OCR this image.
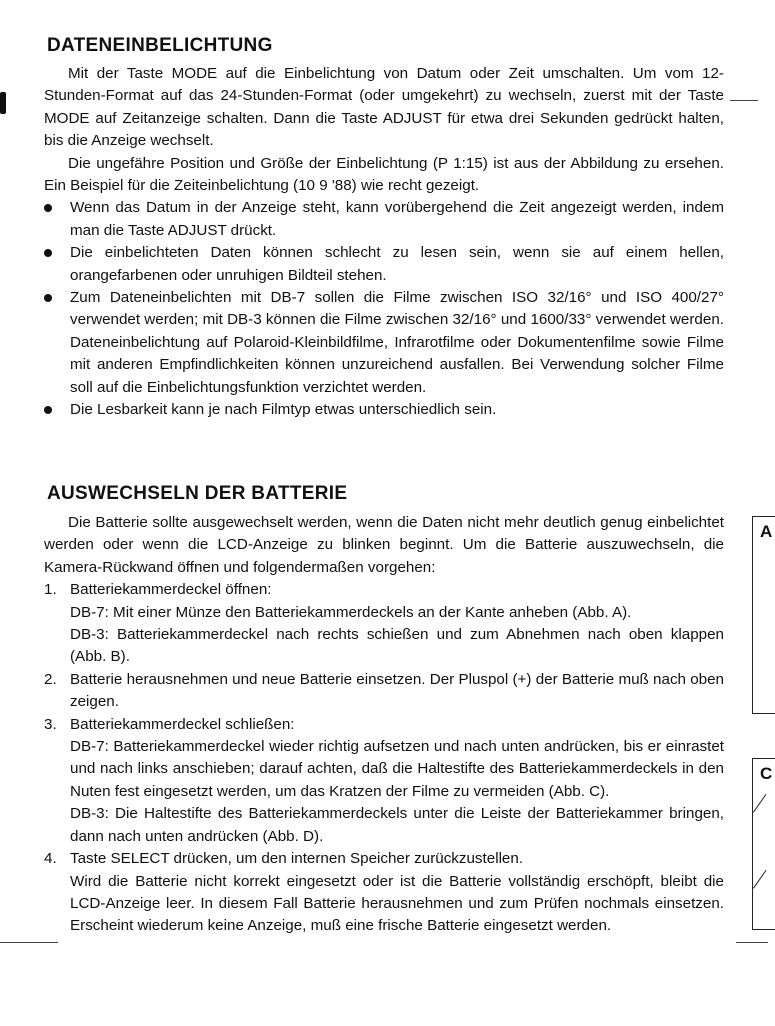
DATENEINBELICHTUNG

Mit der Taste MODE auf die Einbelichtung von Datum oder Zeit umschalten. Um vom 12-Stunden-Format auf das 24-Stunden-Format (oder umgekehrt) zu wechseln, zuerst mit der Taste MODE auf Zeitanzeige schalten. Dann die Taste ADJUST für etwa drei Sekunden gedrückt halten, bis die Anzeige wechselt.

Die ungefähre Position und Größe der Einbelichtung (P 1:15) ist aus der Abbildung zu ersehen. Ein Beispiel für die Zeiteinbelichtung (10 9 '88) wie recht gezeigt.

Wenn das Datum in der Anzeige steht, kann vorübergehend die Zeit angezeigt werden, indem man die Taste ADJUST drückt.
Die einbelichteten Daten können schlecht zu lesen sein, wenn sie auf einem hellen, orangefarbenen oder unruhigen Bildteil stehen.
Zum Dateneinbelichten mit DB-7 sollen die Filme zwischen ISO 32/16° und ISO 400/27° verwendet werden; mit DB-3 können die Filme zwischen 32/16° und 1600/33° verwendet werden. Dateneinbelichtung auf Polaroid-Kleinbildfilme, Infrarotfilme oder Dokumentenfilme sowie Filme mit anderen Empfindlichkeiten können unzureichend ausfallen. Bei Verwendung solcher Filme soll auf die Einbelichtungsfunktion verzichtet werden.
Die Lesbarkeit kann je nach Filmtyp etwas unterschiedlich sein.
AUSWECHSELN DER BATTERIE

Die Batterie sollte ausgewechselt werden, wenn die Daten nicht mehr deutlich genug einbelichtet werden oder wenn die LCD-Anzeige zu blinken beginnt. Um die Batterie auszuwechseln, die Kamera-Rückwand öffnen und folgendermaßen vorgehen:

1. Batteriekammerdeckel öffnen:

DB-7: Mit einer Münze den Batteriekammerdeckels an der Kante anheben (Abb. A).

DB-3: Batteriekammerdeckel nach rechts schießen und zum Abnehmen nach oben klappen (Abb. B).

2. Batterie herausnehmen und neue Batterie einsetzen. Der Pluspol (+) der Batterie muß nach oben zeigen.

3. Batteriekammerdeckel schließen:

DB-7: Batteriekammerdeckel wieder richtig aufsetzen und nach unten andrücken, bis er einrastet und nach links anschieben; darauf achten, daß die Haltestifte des Batteriekammerdeckels in den Nuten fest eingesetzt werden, um das Kratzen der Filme zu vermeiden (Abb. C).

DB-3: Die Haltestifte des Batteriekammerdeckels unter die Leiste der Batteriekammer bringen, dann nach unten andrücken (Abb. D).

4. Taste SELECT drücken, um den internen Speicher zurückzustellen.

Wird die Batterie nicht korrekt eingesetzt oder ist die Batterie vollständig erschöpft, bleibt die LCD-Anzeige leer. In diesem Fall Batterie herausnehmen und zum Prüfen nochmals einsetzen. Erscheint wiederum keine Anzeige, muß eine frische Batterie eingesetzt werden.

A
C
